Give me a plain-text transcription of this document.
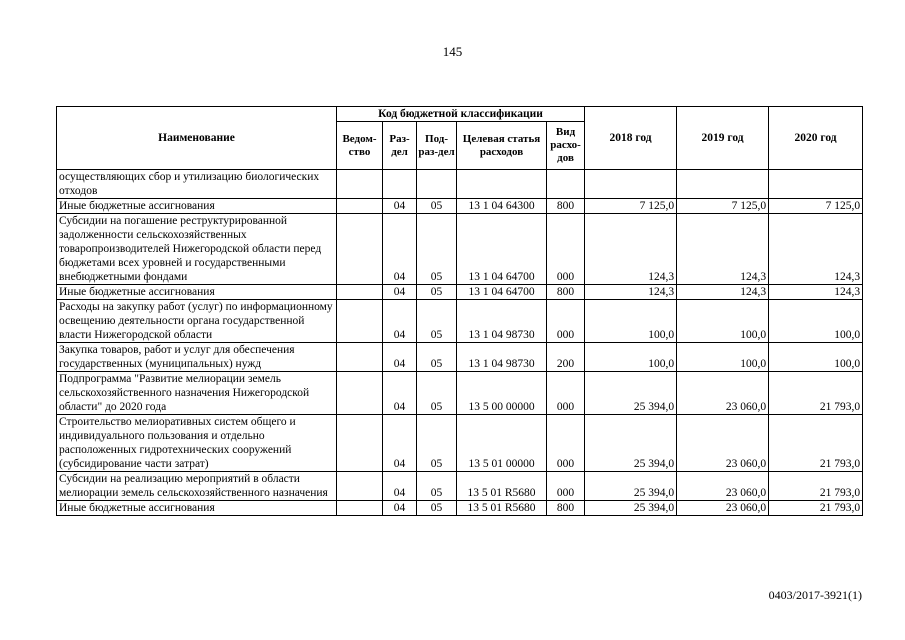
145
Наименование	Код бюджетной классификации					2018 год	2019 год	2020 год
	Ведом-ство	Раз-дел	Под-раз-дел	Целевая статья расходов	Вид расхо-дов			
осуществляющих сбор и утилизацию биологических отходов								
Иные бюджетные ассигнования		04	05	13 1 04 64300	800	7 125,0	7 125,0	7 125,0
Субсидии на погашение реструктурированной задолженности сельскохозяйственных товаропроизводителей Нижегородской области перед бюджетами всех уровней и государственными внебюджетными фондами		04	05	13 1 04 64700	000	124,3	124,3	124,3
Иные бюджетные ассигнования		04	05	13 1 04 64700	800	124,3	124,3	124,3
Расходы на закупку работ (услуг) по информационному освещению деятельности органа государственной власти Нижегородской области		04	05	13 1 04 98730	000	100,0	100,0	100,0
Закупка товаров, работ и услуг для обеспечения государственных (муниципальных) нужд		04	05	13 1 04 98730	200	100,0	100,0	100,0
Подпрограмма "Развитие мелиорации земель сельскохозяйственного назначения Нижегородской области" до 2020 года		04	05	13 5 00 00000	000	25 394,0	23 060,0	21 793,0
Строительство мелиоративных систем общего и индивидуального пользования и отдельно расположенных гидротехнических сооружений (субсидирование части затрат)		04	05	13 5 01 00000	000	25 394,0	23 060,0	21 793,0
Субсидии на реализацию мероприятий в области мелиорации земель сельскохозяйственного назначения		04	05	13 5 01 R5680	000	25 394,0	23 060,0	21 793,0
Иные бюджетные ассигнования		04	05	13 5 01 R5680	800	25 394,0	23 060,0	21 793,0
0403/2017-3921(1)
